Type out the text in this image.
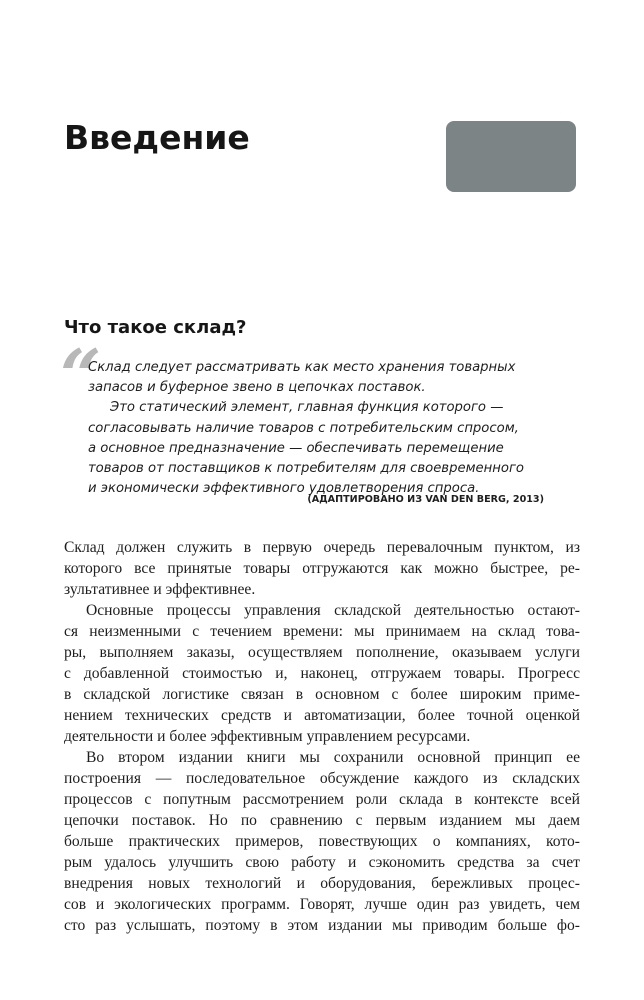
Введение
Что такое склад?
“
Склад следует рассматривать как место хранения товарных
запасов и буферное звено в цепочках поставок.
Это статический элемент, главная функция которого —
согласовывать наличие товаров с потребительским спросом,
а основное предназначение — обеспечивать перемещение
товаров от поставщиков к потребителям для своевременного
и экономически эффективного удовлетворения спроса.
(АДАПТИРОВАНО ИЗ VAN DEN BERG, 2013)
Склад должен служить в первую очередь перевалочным пунктом, из
которого все принятые товары отгружаются как можно быстрее, ре-
зультативнее и эффективнее.
Основные процессы управления складской деятельностью остают-
ся неизменными с течением времени: мы принимаем на склад това-
ры, выполняем заказы, осуществляем пополнение, оказываем услуги
с добавленной стоимостью и, наконец, отгружаем товары. Прогресс
в складской логистике связан в основном с более широким приме-
нением технических средств и автоматизации, более точной оценкой
деятельности и более эффективным управлением ресурсами.
Во втором издании книги мы сохранили основной принцип ее
построения — последовательное обсуждение каждого из складских
процессов с попутным рассмотрением роли склада в контексте всей
цепочки поставок. Но по сравнению с первым изданием мы даем
больше практических примеров, повествующих о компаниях, кото-
рым удалось улучшить свою работу и сэкономить средства за счет
внедрения новых технологий и оборудования, бережливых процес-
сов и экологических программ. Говорят, лучше один раз увидеть, чем
сто раз услышать, поэтому в этом издании мы приводим больше фо-
